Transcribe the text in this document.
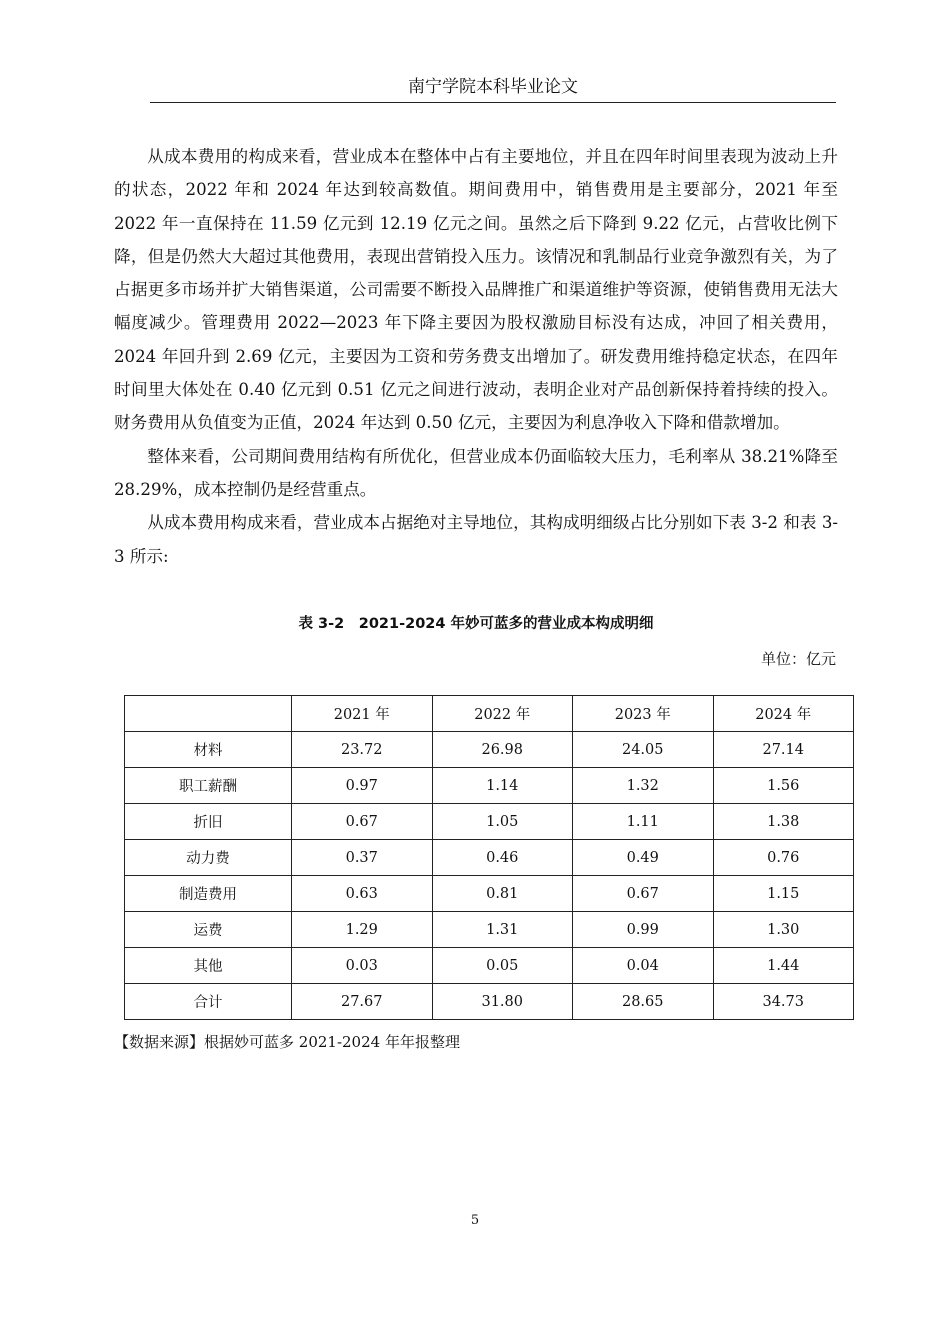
南宁学院本科毕业论文

从成本费用的构成来看，营业成本在整体中占有主要地位，并且在四年时间里表现为波动上升的状态，2022 年和 2024 年达到较高数值。期间费用中，销售费用是主要部分，2021 年至 2022 年一直保持在 11.59 亿元到 12.19 亿元之间。虽然之后下降到 9.22 亿元，占营收比例下降，但是仍然大大超过其他费用，表现出营销投入压力。该情况和乳制品行业竞争激烈有关，为了占据更多市场并扩大销售渠道，公司需要不断投入品牌推广和渠道维护等资源，使销售费用无法大幅度减少。管理费用 2022—2023 年下降主要因为股权激励目标没有达成，冲回了相关费用，2024 年回升到 2.69 亿元，主要因为工资和劳务费支出增加了。研发费用维持稳定状态，在四年时间里大体处在 0.40 亿元到 0.51 亿元之间进行波动，表明企业对产品创新保持着持续的投入。财务费用从负值变为正值，2024 年达到 0.50 亿元，主要因为利息净收入下降和借款增加。

整体来看，公司期间费用结构有所优化，但营业成本仍面临较大压力，毛利率从 38.21%降至 28.29%，成本控制仍是经营重点。

从成本费用构成来看，营业成本占据绝对主导地位，其构成明细级占比分别如下表 3-2 和表 3-3 所示:

表 3-2　2021-2024 年妙可蓝多的营业成本构成明细
单位：亿元
	2021 年	2022 年	2023 年	2024 年
材料	23.72	26.98	24.05	27.14
职工薪酬	0.97	1.14	1.32	1.56
折旧	0.67	1.05	1.11	1.38
动力费	0.37	0.46	0.49	0.76
制造费用	0.63	0.81	0.67	1.15
运费	1.29	1.31	0.99	1.30
其他	0.03	0.05	0.04	1.44
合计	27.67	31.80	28.65	34.73
【数据来源】根据妙可蓝多 2021-2024 年年报整理
5
